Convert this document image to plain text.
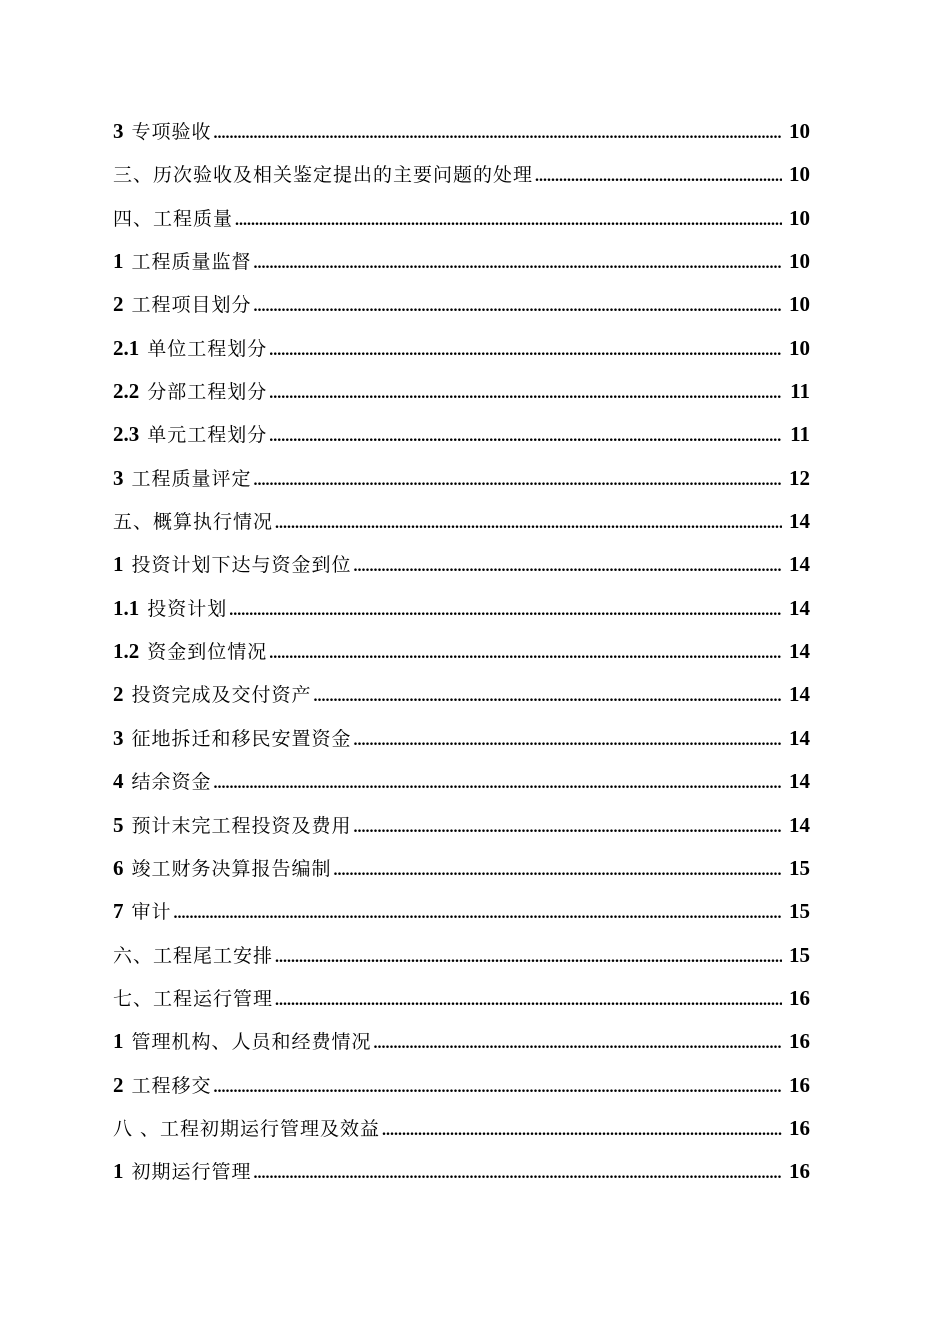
3 专项验收 .....	10
三、历次验收及相关鉴定提出的主要问题的处理 .....	10
四、工程质量 .....	10
1 工程质量监督 .....	10
2 工程项目划分 .....	10
2.1 单位工程划分 .....	10
2.2 分部工程划分 .....	11
2.3 单元工程划分 .....	11
3 工程质量评定 .....	12
五、概算执行情况 .....	14
1 投资计划下达与资金到位 .....	14
1.1 投资计划 .....	14
1.2 资金到位情况 .....	14
2 投资完成及交付资产 .....	14
3 征地拆迁和移民安置资金 .....	14
4 结余资金 .....	14
5 预计末完工程投资及费用 .....	14
6 竣工财务决算报告编制 .....	15
7 审计 .....	15
六、工程尾工安排 .....	15
七、工程运行管理 .....	16
1 管理机构、人员和经费情况 .....	16
2 工程移交 .....	16
八 、工程初期运行管理及效益 .....	16
1 初期运行管理 .....	16
